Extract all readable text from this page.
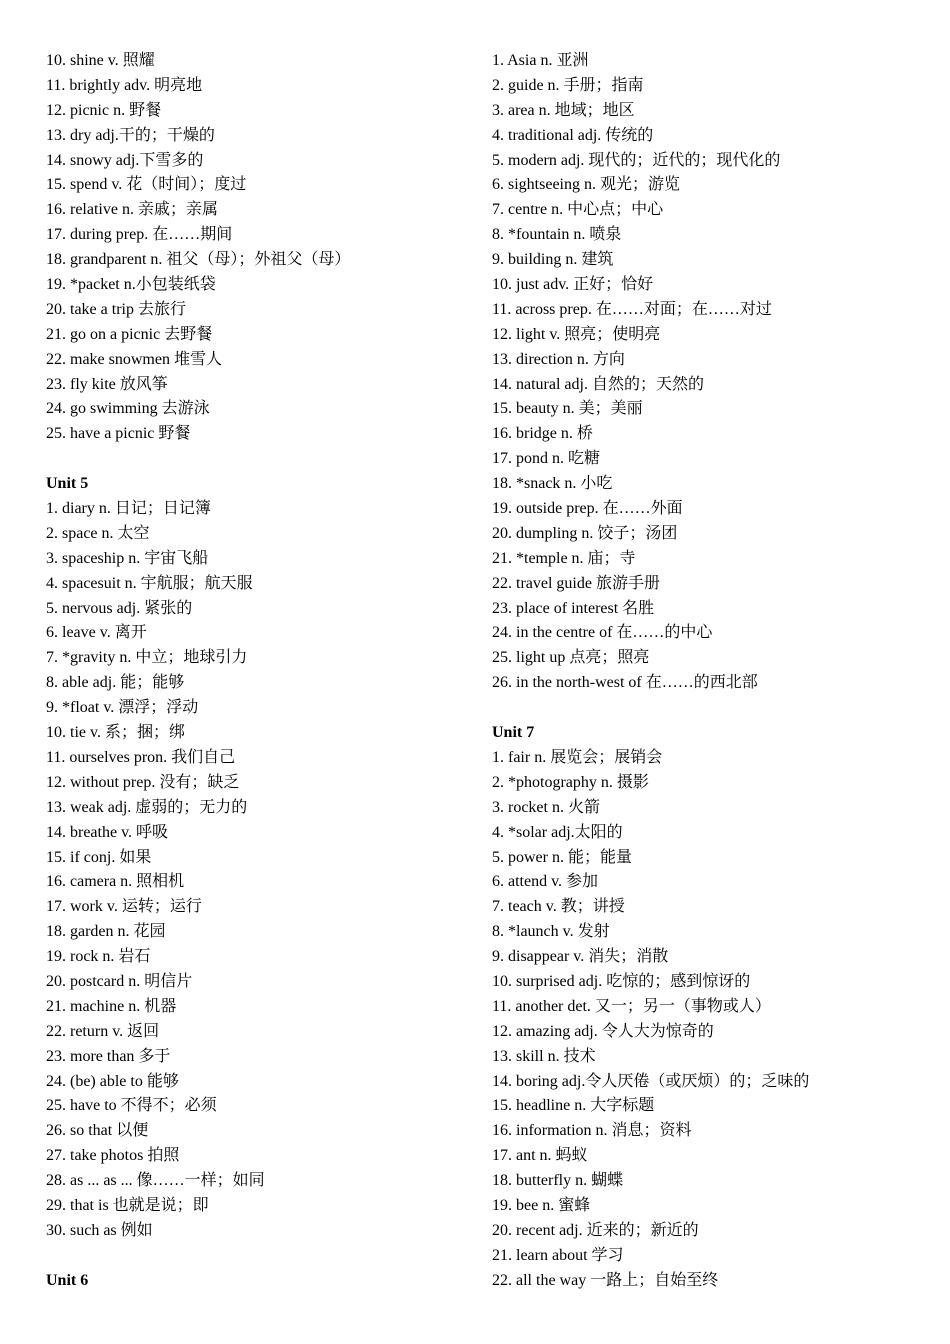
10. shine v. 照耀
11. brightly adv. 明亮地
12. picnic n. 野餐
13. dry adj.干的；干燥的
14. snowy adj.下雪多的
15. spend v. 花（时间）；度过
16. relative n. 亲戚；亲属
17. during prep. 在……期间
18. grandparent n. 祖父（母）；外祖父（母）
19. *packet n.小包装纸袋
20. take a trip 去旅行
21. go on a picnic 去野餐
22. make snowmen 堆雪人
23. fly kite 放风筝
24. go swimming 去游泳
25. have a picnic 野餐
Unit 5
1. diary n. 日记；日记簿
2. space n. 太空
3. spaceship n. 宇宙飞船
4. spacesuit n. 宇航服；航天服
5. nervous adj. 紧张的
6. leave v. 离开
7. *gravity n. 中立；地球引力
8. able adj. 能；能够
9. *float v. 漂浮；浮动
10. tie v. 系；捆；绑
11. ourselves pron. 我们自己
12. without prep. 没有；缺乏
13. weak adj. 虚弱的；无力的
14. breathe v. 呼吸
15. if conj. 如果
16. camera n. 照相机
17. work v. 运转；运行
18. garden n. 花园
19. rock n. 岩石
20. postcard n. 明信片
21. machine n. 机器
22. return v. 返回
23. more than 多于
24. (be) able to 能够
25. have to 不得不；必须
26. so that 以便
27. take photos 拍照
28. as ... as ... 像……一样；如同
29. that is 也就是说；即
30. such as 例如
Unit 6
1. Asia n. 亚洲
2. guide n. 手册；指南
3. area n. 地域；地区
4. traditional adj. 传统的
5. modern adj. 现代的；近代的；现代化的
6. sightseeing n. 观光；游览
7. centre n. 中心点；中心
8. *fountain n. 喷泉
9. building n. 建筑
10. just adv. 正好；恰好
11. across prep. 在……对面；在……对过
12. light v. 照亮；使明亮
13. direction n. 方向
14. natural adj. 自然的；天然的
15. beauty n. 美；美丽
16. bridge n. 桥
17. pond n. 吃糖
18. *snack n. 小吃
19. outside prep. 在……外面
20. dumpling n. 饺子；汤团
21. *temple n. 庙；寺
22. travel guide 旅游手册
23. place of interest 名胜
24. in the centre of 在……的中心
25. light up 点亮；照亮
26. in the north-west of 在……的西北部
Unit 7
1. fair n. 展览会；展销会
2. *photography n. 摄影
3. rocket n. 火箭
4. *solar adj.太阳的
5. power n. 能；能量
6. attend v. 参加
7. teach v. 教；讲授
8. *launch v. 发射
9. disappear v. 消失；消散
10. surprised adj. 吃惊的；感到惊讶的
11. another det. 又一；另一（事物或人）
12. amazing adj. 令人大为惊奇的
13. skill n. 技术
14. boring adj.令人厌倦（或厌烦）的；乏味的
15. headline n. 大字标题
16. information n. 消息；资料
17. ant n. 蚂蚁
18. butterfly n. 蝴蝶
19. bee n. 蜜蜂
20. recent adj. 近来的；新近的
21. learn about 学习
22. all the way 一路上；自始至终
